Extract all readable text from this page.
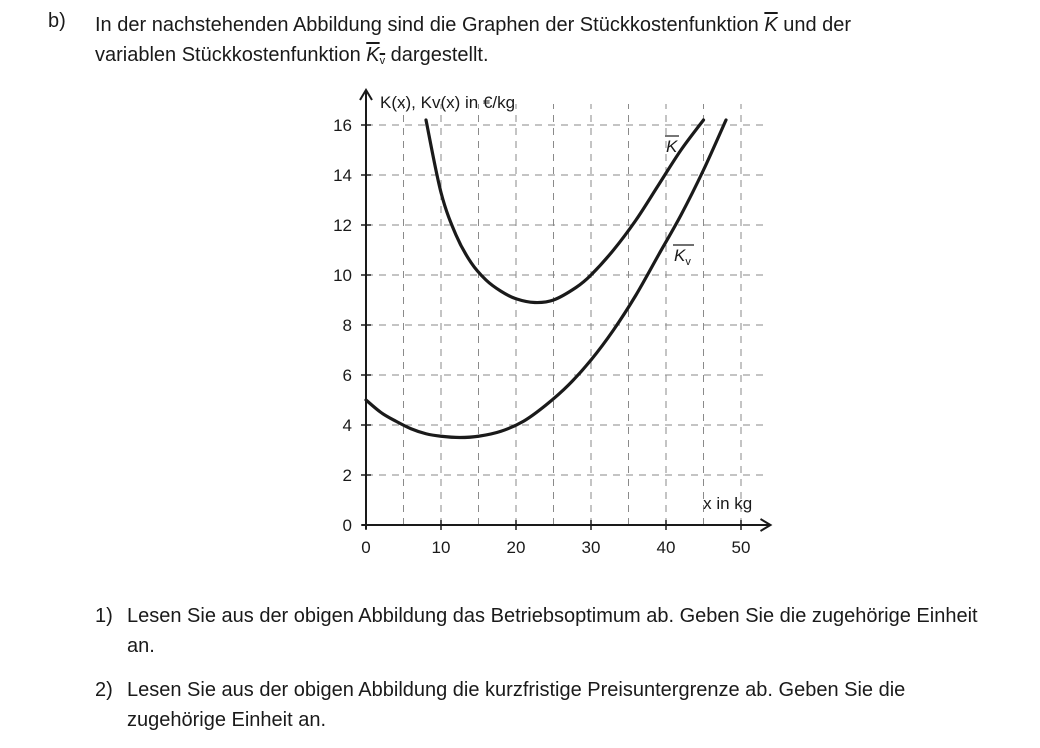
b) In der nachstehenden Abbildung sind die Graphen der Stückkostenfunktion $\overline{K}$ und der
variablen Stückkostenfunktion $K_v$ dargestellt.
0	10	20	30	40	50
0
2
4
6
8
10
12
14
16
K(x), Kv(x) in €/kg
x in kg
K
$K_v$
1) Lesen Sie aus der obigen Abbildung das Betriebsoptimum ab. Geben Sie die zugehörige Einheit an.
2) Lesen Sie aus der obigen Abbildung die kurzfristige Preisuntergrenze ab. Geben Sie die zugehörige Einheit an.
